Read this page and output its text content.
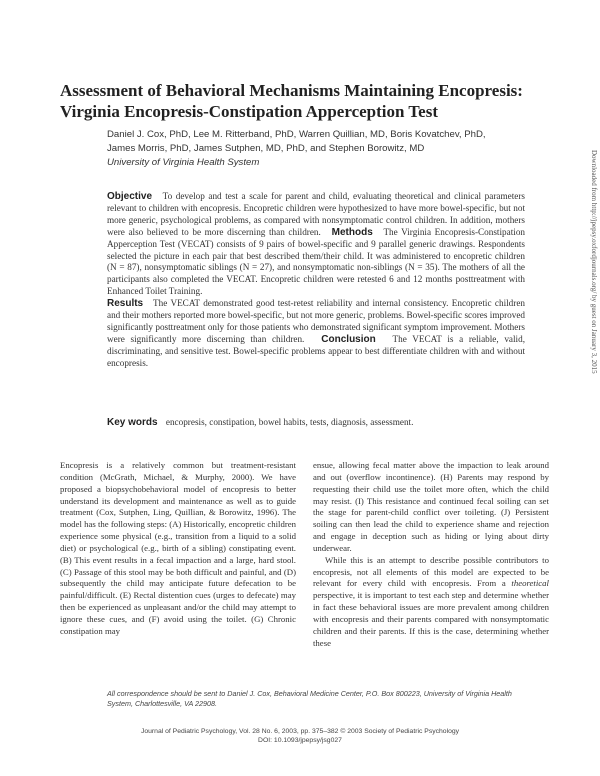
Assessment of Behavioral Mechanisms Maintaining Encopresis:
Virginia Encopresis-Constipation Apperception Test
Daniel J. Cox, PhD, Lee M. Ritterband, PhD, Warren Quillian, MD, Boris Kovatchev, PhD,
James Morris, PhD, James Sutphen, MD, PhD, and Stephen Borowitz, MD
University of Virginia Health System
Objective To develop and test a scale for parent and child, evaluating theoretical and clinical parameters relevant to children with encopresis. Encopretic children were hypothesized to have more bowel-specific, but not more generic, psychological problems, as compared with nonsymptomatic control children. In addition, mothers were also believed to be more discerning than children. Methods The Virginia Encopresis-Constipation Apperception Test (VECAT) consists of 9 pairs of bowel-specific and 9 parallel generic drawings. Respondents selected the picture in each pair that best described them/their child. It was administered to encopretic children (N = 87), nonsymptomatic siblings (N = 27), and nonsymptomatic non-siblings (N = 35). The mothers of all the participants also completed the VECAT. Encopretic children were retested 6 and 12 months posttreatment with Enhanced Toilet Training.
Results The VECAT demonstrated good test-retest reliability and internal consistency. Encopretic children and their mothers reported more bowel-specific, but not more generic, problems. Bowel-specific scores improved significantly posttreatment only for those patients who demonstrated significant symptom improvement. Mothers were significantly more discerning than children. Conclusion The VECAT is a reliable, valid, discriminating, and sensitive test. Bowel-specific problems appear to best differentiate children with and without encopresis.
Key words encopresis, constipation, bowel habits, tests, diagnosis, assessment.

Encopresis is a relatively common but treatment-resistant condition (McGrath, Michael, & Murphy, 2000). We have proposed a biopsychobehavioral model of encopresis to better understand its development and maintenance as well as to guide treatment (Cox, Sutphen, Ling, Quillian, & Borowitz, 1996). The model has the following steps: (A) Historically, encopretic children experience some physical (e.g., transition from a liquid to a solid diet) or psychological (e.g., birth of a sibling) constipating event. (B) This event results in a fecal impaction and a large, hard stool. (C) Passage of this stool may be both difficult and painful, and (D) subsequently the child may anticipate future defecation to be painful/difficult. (E) Rectal distention cues (urges to defecate) may then be experienced as unpleasant and/or the child may attempt to ignore these cues, and (F) avoid using the toilet. (G) Chronic constipation may

ensue, allowing fecal matter above the impaction to leak around and out (overflow incontinence). (H) Parents may respond by requesting their child use the toilet more often, which the child may resist. (I) This resistance and continued fecal soiling can set the stage for parent-child conflict over toileting. (J) Persistent soiling can then lead the child to experience shame and rejection and engage in deception such as hiding or lying about dirty underwear.

While this is an attempt to describe possible contributors to encopresis, not all elements of this model are expected to be relevant for every child with encopresis. From a theoretical perspective, it is important to test each step and determine whether in fact these behavioral issues are more prevalent among children with encopresis and their parents compared with nonsymptomatic children and their parents. If this is the case, determining whether these

All correspondence should be sent to Daniel J. Cox, Behavioral Medicine Center, P.O. Box 800223, University of Virginia Health System, Charlottesville, VA 22908.
Journal of Pediatric Psychology, Vol. 28 No. 6, 2003, pp. 375–382 © 2003 Society of Pediatric Psychology
DOI: 10.1093/jpepsy/jsg027
Downloaded from http://jpepsy.oxfordjournals.org/ by guest on January 3, 2015
